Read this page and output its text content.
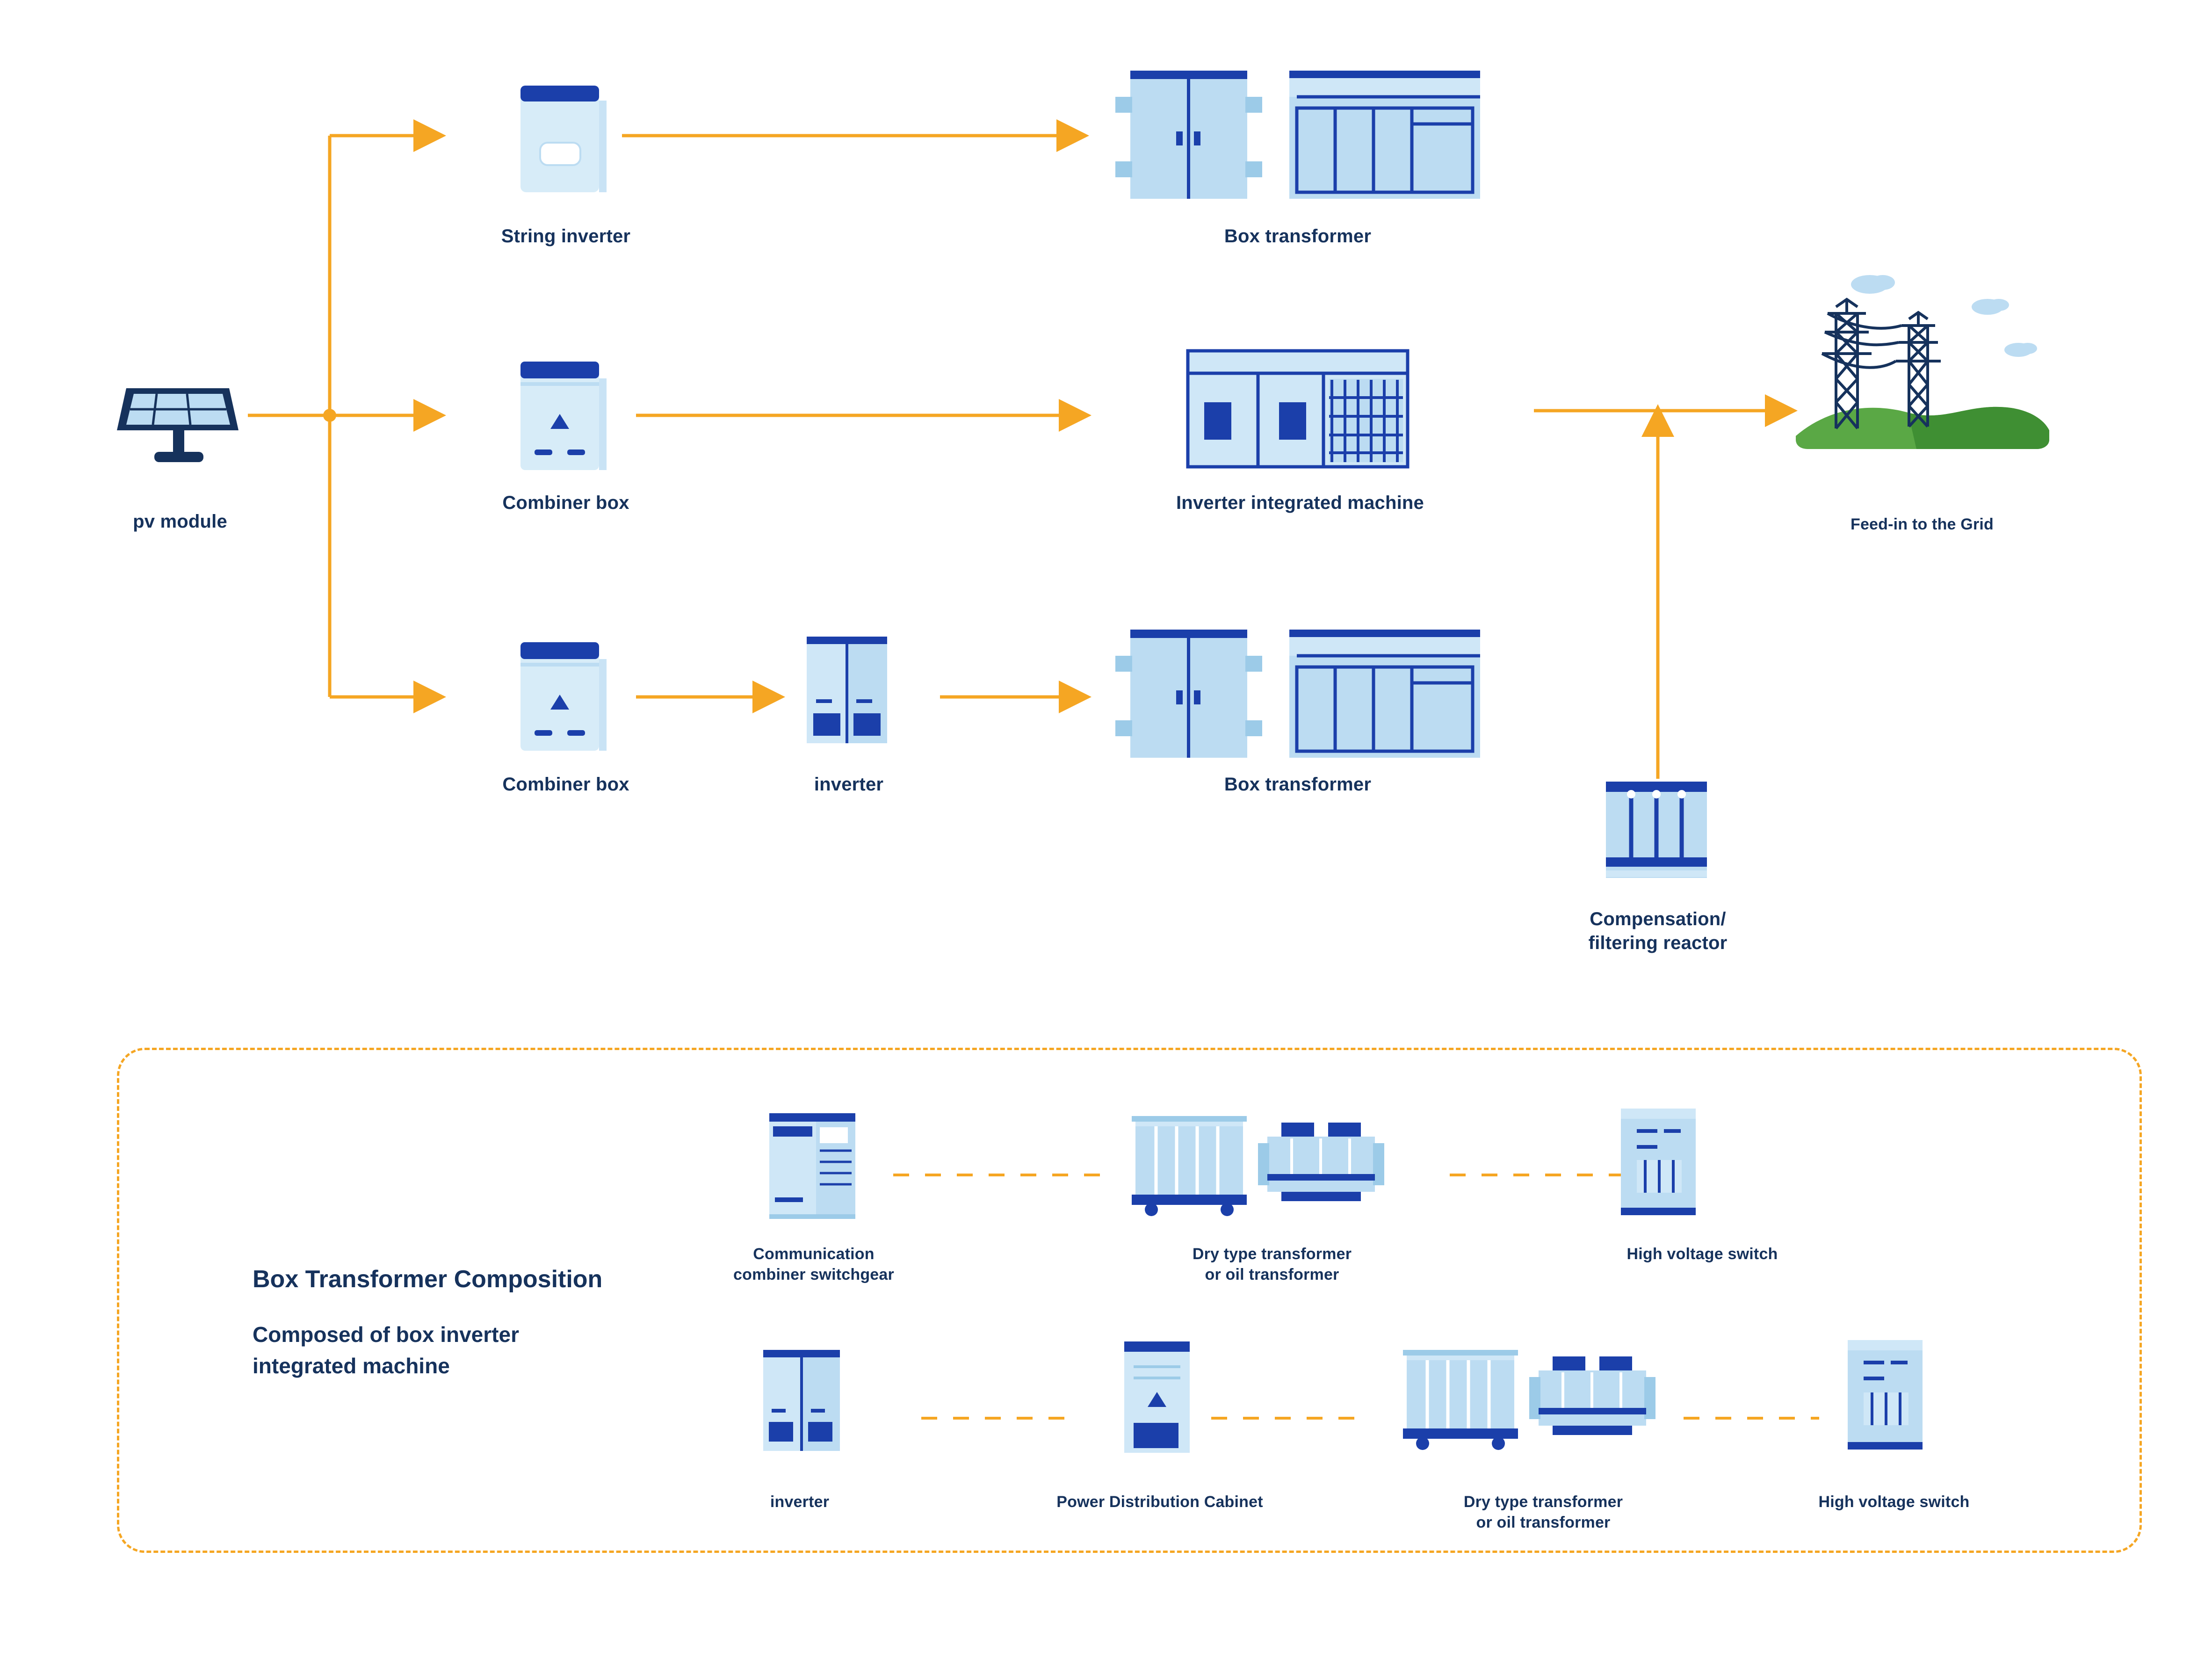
pv module
String inverter
Combiner box
Combiner box	inverter
Box transformer
Box transformer
Inverter integrated machine
Compensation/
filtering reactor
Feed-in to the Grid
Box Transformer Composition
Composed of box inverter
integrated machine
Communication
combiner switchgear
Dry type transformer
or oil transformer
High voltage switch
inverter	Power Distribution Cabinet	Dry type transformer
or oil transformer
High voltage switch
